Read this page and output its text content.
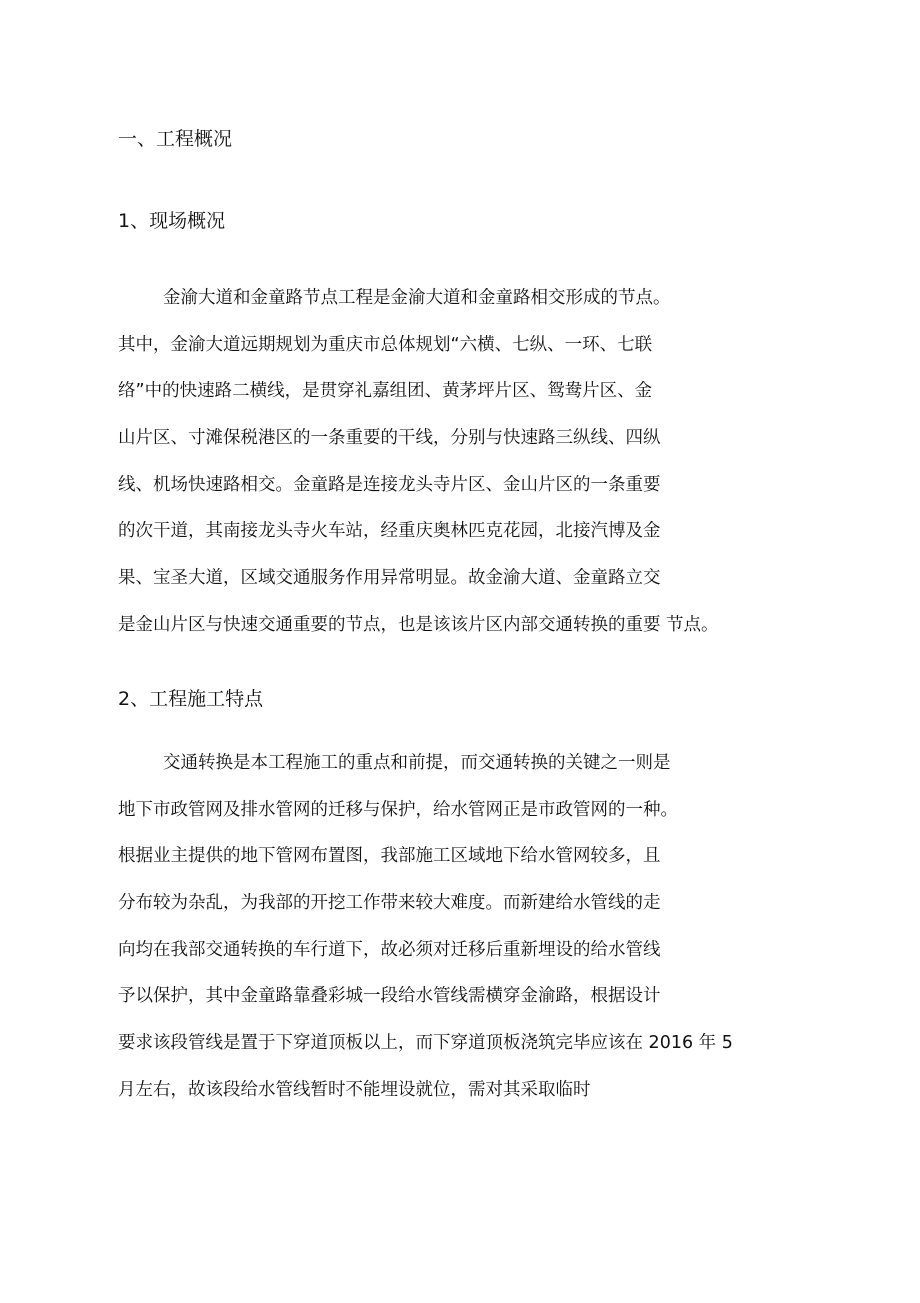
一、工程概况
1、现场概况
金渝大道和金童路节点工程是金渝大道和金童路相交形成的节点。
其中，金渝大道远期规划为重庆市总体规划“六横、七纵、一环、七联
络”中的快速路二横线，是贯穿礼嘉组团、黄茅坪片区、鸳鸯片区、金
山片区、寸滩保税港区的一条重要的干线，分别与快速路三纵线、四纵
线、机场快速路相交。金童路是连接龙头寺片区、金山片区的一条重要
的次干道，其南接龙头寺火车站，经重庆奥林匹克花园，北接汽博及金
果、宝圣大道，区域交通服务作用异常明显。故金渝大道、金童路立交
是金山片区与快速交通重要的节点，也是该该片区内部交通转换的重要 节点。
2、工程施工特点
交通转换是本工程施工的重点和前提，而交通转换的关键之一则是
地下市政管网及排水管网的迁移与保护，给水管网正是市政管网的一种。
根据业主提供的地下管网布置图，我部施工区域地下给水管网较多，且
分布较为杂乱，为我部的开挖工作带来较大难度。而新建给水管线的走
向均在我部交通转换的车行道下，故必须对迁移后重新埋设的给水管线
予以保护，其中金童路靠叠彩城一段给水管线需横穿金渝路，根据设计
要求该段管线是置于下穿道顶板以上，而下穿道顶板浇筑完毕应该在 2016 年 5
月左右，故该段给水管线暂时不能埋设就位，需对其采取临时
